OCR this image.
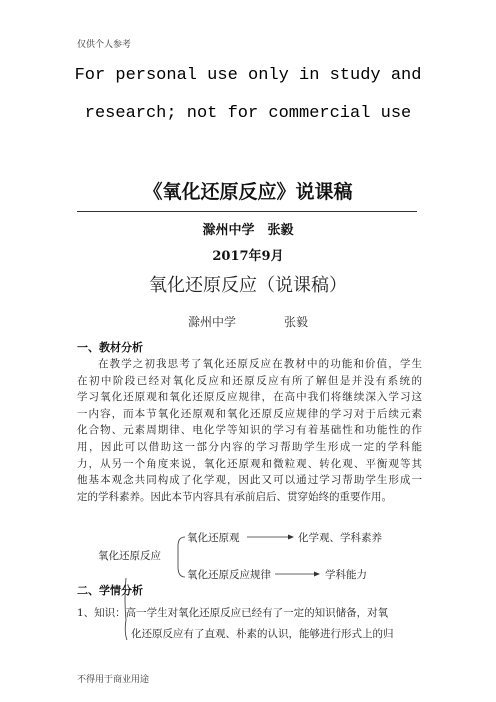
仅供个人参考
For personal use only in study and
research; not for commercial use
《氧化还原反应》说课稿
滁州中学　张毅
2017年9月
氧化还原反应（说课稿）
滁州中学	张毅
一、教材分析
在教学之初我思考了氧化还原反应在教材中的功能和价值，学生
在初中阶段已经对氧化反应和还原反应有所了解但是并没有系统的
学习氧化还原观和氧化还原反应规律，在高中我们将继续深入学习这
一内容，而本节氧化还原观和氧化还原反应规律的学习对于后续元素
化合物、元素周期律、电化学等知识的学习有着基础性和功能性的作
用，因此可以借助这一部分内容的学习帮助学生形成一定的学科能
力，从另一个角度来说，氧化还原观和微粒观、转化观、平衡观等其
他基本观念共同构成了化学观，因此又可以通过学习帮助学生形成一
定的学科素养。因此本节内容具有承前启后、贯穿始终的重要作用。
氧化还原反应
氧化还原观	化学观、学科素养
氧化还原反应规律	学科能力
二、学情分析
1、知识：高一学生对氧化还原反应已经有了一定的知识储备，对氧
化还原反应有了直观、朴素的认识，能够进行形式上的归
不得用于商业用途
